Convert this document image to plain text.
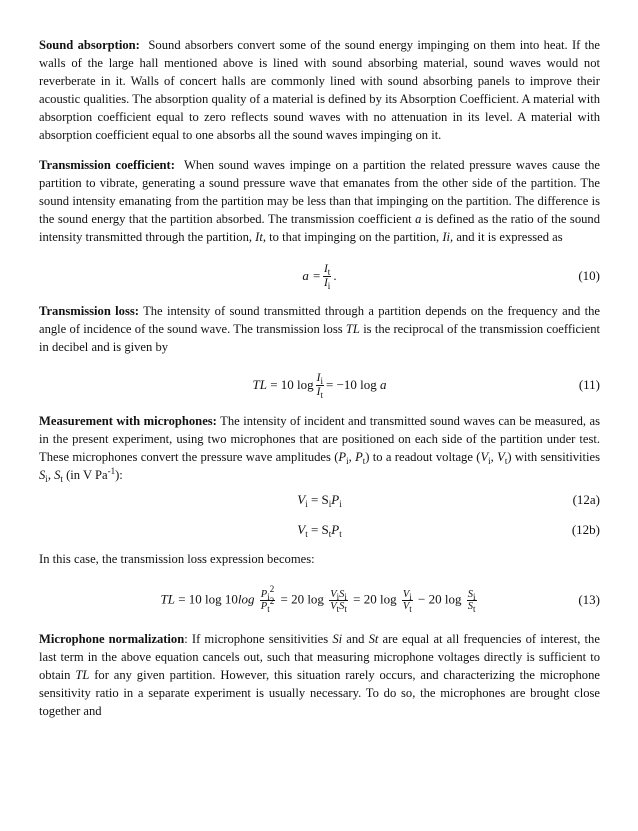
Sound absorption: Sound absorbers convert some of the sound energy impinging on them into heat. If the walls of the large hall mentioned above is lined with sound absorbing material, sound waves would not reverberate in it. Walls of concert halls are commonly lined with sound absorbing panels to improve their acoustic qualities. The absorption quality of a material is defined by its Absorption Coefficient. A material with absorption coefficient equal to zero reflects sound waves with no attenuation in its level. A material with absorption coefficient equal to one absorbs all the sound waves impinging on it.

Transmission coefficient: When sound waves impinge on a partition the related pressure waves cause the partition to vibrate, generating a sound pressure wave that emanates from the other side of the partition. The sound intensity emanating from the partition may be less than that impinging on the partition. The difference is the sound energy that the partition absorbed. The transmission coefficient a is defined as the ratio of the sound intensity transmitted through the partition, It, to that impinging on the partition, Ii, and it is expressed as

$a = \frac{I_t}{I_i}$ .	(10)

Transmission loss: The intensity of sound transmitted through a partition depends on the frequency and the angle of incidence of the sound wave. The transmission loss TL is the reciprocal of the transmission coefficient in decibel and is given by

TL = 10 $\log \frac{I_i}{I_t} = -10$ log
a	(11)

Measurement with microphones: The intensity of incident and transmitted sound waves can be measured, as in the present experiment, using two microphones that are positioned on each side of the partition under test. These microphones convert the pressure wave amplitudes ($P_i$, $P_t$) to a readout voltage ($V_i$, $V_t$) with sensitivities $S_i$, $S_t$ (in V $Pa^{-1}$):

$V_i = S_iP_i$	(12a)
$V_t = S_tP_t$	(12b)

In this case, the transmission loss expression becomes:

TL = 10 $\log 10\log \frac{P_i^2}{P_t^2} = 20$ $\log \frac{V_iS_i}{V_tS_t} = 20$ $\log \frac{V_i}{V_t} - 20$ $\log \frac{S_i}{S_t}$	(13)

Microphone normalization: If microphone sensitivities Si and St are equal at all frequencies of interest, the last term in the above equation cancels out, such that measuring microphone voltages directly is sufficient to obtain TL for any given partition. However, this situation rarely occurs, and characterizing the microphone sensitivity ratio in a separate experiment is usually necessary. To do so, the microphones are brought close together and
